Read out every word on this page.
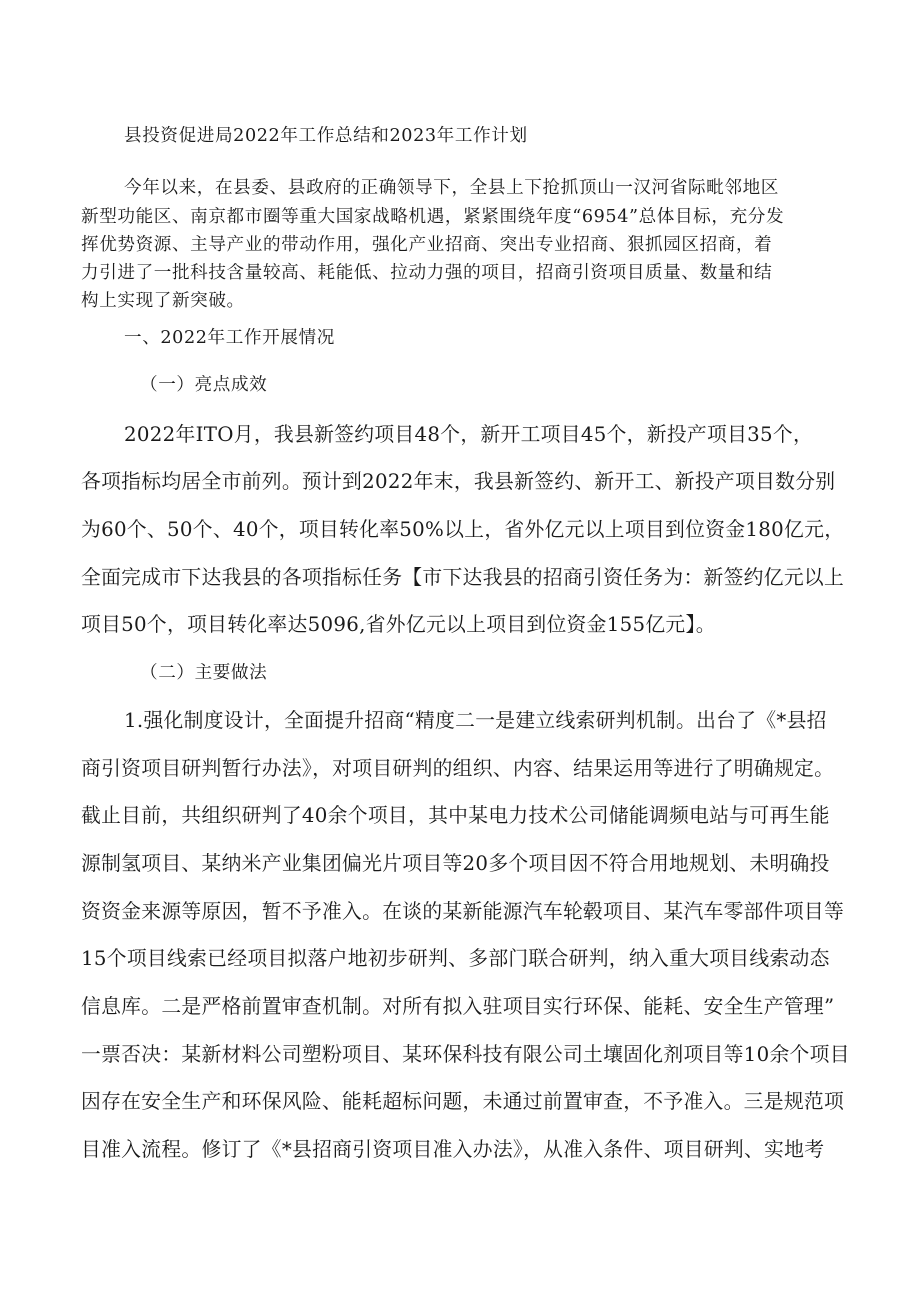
县投资促进局2022年工作总结和2023年工作计划
今年以来，在县委、县政府的正确领导下，全县上下抢抓顶山一汉河省际毗邻地区
新型功能区、南京都市圈等重大国家战略机遇，紧紧围绕年度“6954”总体目标，充分发
挥优势资源、主导产业的带动作用，强化产业招商、突出专业招商、狠抓园区招商，着
力引进了一批科技含量较高、耗能低、拉动力强的项目，招商引资项目质量、数量和结
构上实现了新突破。
一、2022年工作开展情况
（一）亮点成效
2022年ITO月，我县新签约项目48个，新开工项目45个，新投产项目35个，
各项指标均居全市前列。预计到2022年末，我县新签约、新开工、新投产项目数分别
为60个、50个、40个，项目转化率50%以上，省外亿元以上项目到位资金180亿元，
全面完成市下达我县的各项指标任务【市下达我县的招商引资任务为：新签约亿元以上
项目50个，项目转化率达5096,省外亿元以上项目到位资金155亿元】。
（二）主要做法
1.强化制度设计，全面提升招商“精度二一是建立线索研判机制。出台了《*县招
商引资项目研判暂行办法》，对项目研判的组织、内容、结果运用等进行了明确规定。
截止目前，共组织研判了40余个项目，其中某电力技术公司储能调频电站与可再生能
源制氢项目、某纳米产业集团偏光片项目等20多个项目因不符合用地规划、未明确投
资资金来源等原因，暂不予准入。在谈的某新能源汽车轮毂项目、某汽车零部件项目等
15个项目线索已经项目拟落户地初步研判、多部门联合研判，纳入重大项目线索动态
信息库。二是严格前置审查机制。对所有拟入驻项目实行环保、能耗、安全生产管理”
一票否决：某新材料公司塑粉项目、某环保科技有限公司土壤固化剂项目等10余个项目
因存在安全生产和环保风险、能耗超标问题，未通过前置审查，不予准入。三是规范项
目准入流程。修订了《*县招商引资项目准入办法》，从准入条件、项目研判、实地考
